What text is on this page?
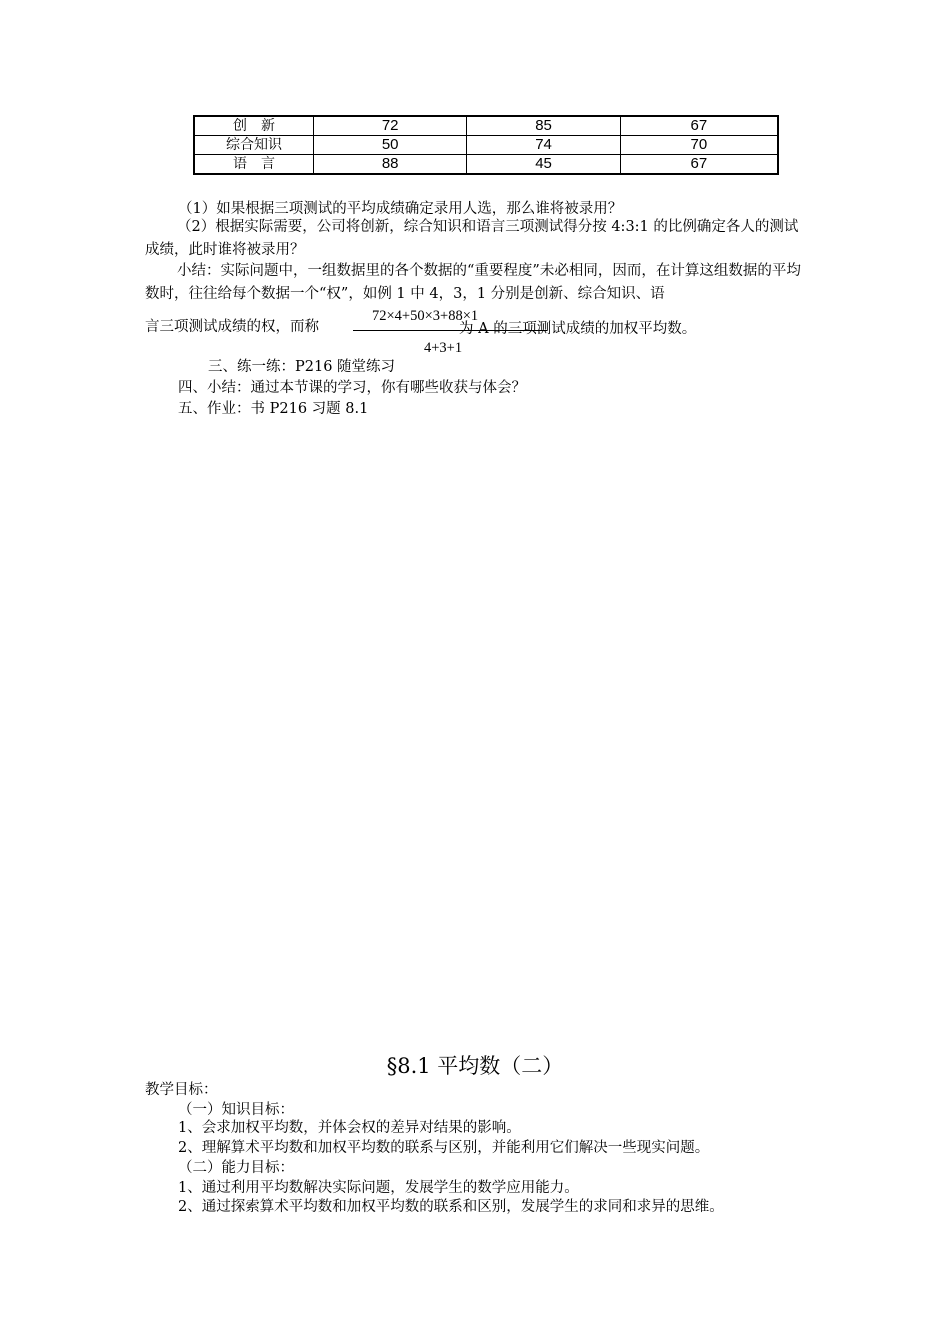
创　新	72	85	67
综合知识	50	74	70
语　言	88	45	67
（1）如果根据三项测试的平均成绩确定录用人选，那么谁将被录用？
（2）根据实际需要，公司将创新，综合知识和语言三项测试得分按 4:3:1 的比例确定各人的测试成绩，此时谁将被录用？
小结：实际问题中，一组数据里的各个数据的“重要程度”未必相同，因而，在计算这组数据的平均数时，往往给每个数据一个“权”，如例 1 中 4，3，1 分别是创新、综合知识、语
言三项测试成绩的权，而称
72×4+50×3+88×1
4+3+1
为 A 的三项测试成绩的加权平均数。
三、练一练：P216 随堂练习
四、小结：通过本节课的学习，你有哪些收获与体会？
五、作业：书 P216 习题 8.1
§8.1 平均数（二）
教学目标：
（一）知识目标：
1、会求加权平均数，并体会权的差异对结果的影响。
2、理解算术平均数和加权平均数的联系与区别，并能利用它们解决一些现实问题。
（二）能力目标：
1、通过利用平均数解决实际问题，发展学生的数学应用能力。
2、通过探索算术平均数和加权平均数的联系和区别，发展学生的求同和求异的思维。
